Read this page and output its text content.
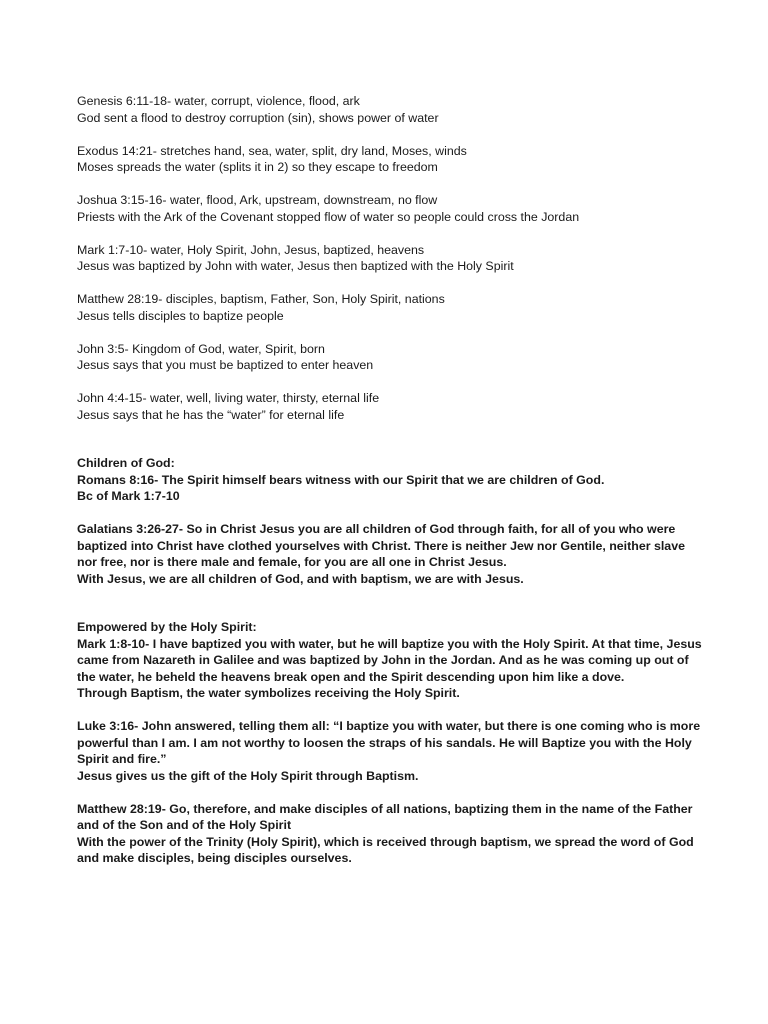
Genesis 6:11-18- water, corrupt, violence, flood, ark
God sent a flood to destroy corruption (sin), shows power of water
Exodus 14:21- stretches hand, sea, water, split, dry land, Moses, winds
Moses spreads the water (splits it in 2) so they escape to freedom
Joshua 3:15-16- water, flood, Ark, upstream, downstream, no flow
Priests with the Ark of the Covenant stopped flow of water so people could cross the Jordan
Mark 1:7-10- water, Holy Spirit, John, Jesus, baptized, heavens
Jesus was baptized by John with water, Jesus then baptized with the Holy Spirit
Matthew 28:19- disciples, baptism, Father, Son, Holy Spirit, nations
Jesus tells disciples to baptize people
John 3:5- Kingdom of God, water, Spirit, born
Jesus says that you must be baptized to enter heaven
John 4:4-15- water, well, living water, thirsty, eternal life
Jesus says that he has the “water” for eternal life
Children of God:
Romans 8:16- The Spirit himself bears witness with our Spirit that we are children of God.
Bc of Mark 1:7-10
Galatians 3:26-27- So in Christ Jesus you are all children of God through faith, for all of you who were baptized into Christ have clothed yourselves with Christ. There is neither Jew nor Gentile, neither slave nor free, nor is there male and female, for you are all one in Christ Jesus.
With Jesus, we are all children of God, and with baptism, we are with Jesus.
Empowered by the Holy Spirit:
Mark 1:8-10- I have baptized you with water, but he will baptize you with the Holy Spirit. At that time, Jesus came from Nazareth in Galilee and was baptized by John in the Jordan. And as he was coming up out of the water, he beheld the heavens break open and the Spirit descending upon him like a dove.
Through Baptism, the water symbolizes receiving the Holy Spirit.
Luke 3:16- John answered, telling them all: “I baptize you with water, but there is one coming who is more powerful than I am. I am not worthy to loosen the straps of his sandals. He will Baptize you with the Holy Spirit and fire.”
Jesus gives us the gift of the Holy Spirit through Baptism.
Matthew 28:19- Go, therefore, and make disciples of all nations, baptizing them in the name of the Father and of the Son and of the Holy Spirit
With the power of the Trinity (Holy Spirit), which is received through baptism, we spread the word of God and make disciples, being disciples ourselves.
